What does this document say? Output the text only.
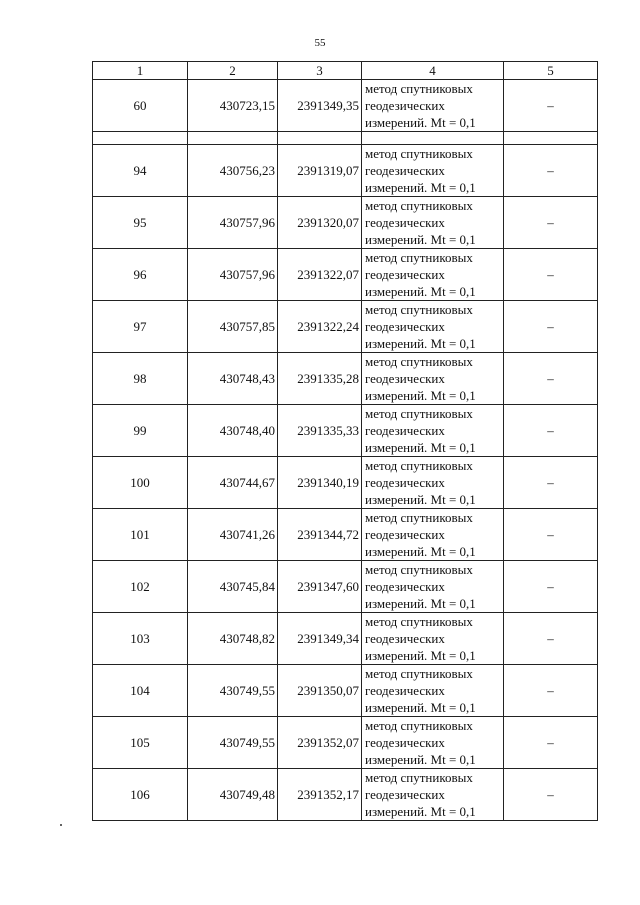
55
1	2	3	4	5
60	430723,15	2391349,35	метод спутниковых
геодезических
измерений. Mt = 0,1	–

94	430756,23	2391319,07	метод спутниковых
геодезических
измерений. Mt = 0,1	–
95	430757,96	2391320,07	метод спутниковых
геодезических
измерений. Mt = 0,1	–
96	430757,96	2391322,07	метод спутниковых
геодезических
измерений. Mt = 0,1	–
97	430757,85	2391322,24	метод спутниковых
геодезических
измерений. Mt = 0,1	–
98	430748,43	2391335,28	метод спутниковых
геодезических
измерений. Mt = 0,1	–
99	430748,40	2391335,33	метод спутниковых
геодезических
измерений. Mt = 0,1	–
100	430744,67	2391340,19	метод спутниковых
геодезических
измерений. Mt = 0,1	–
101	430741,26	2391344,72	метод спутниковых
геодезических
измерений. Mt = 0,1	–
102	430745,84	2391347,60	метод спутниковых
геодезических
измерений. Mt = 0,1	–
103	430748,82	2391349,34	метод спутниковых
геодезических
измерений. Mt = 0,1	–
104	430749,55	2391350,07	метод спутниковых
геодезических
измерений. Mt = 0,1	–
105	430749,55	2391352,07	метод спутниковых
геодезических
измерений. Mt = 0,1	–
106	430749,48	2391352,17	метод спутниковых
геодезических
измерений. Mt = 0,1	–
